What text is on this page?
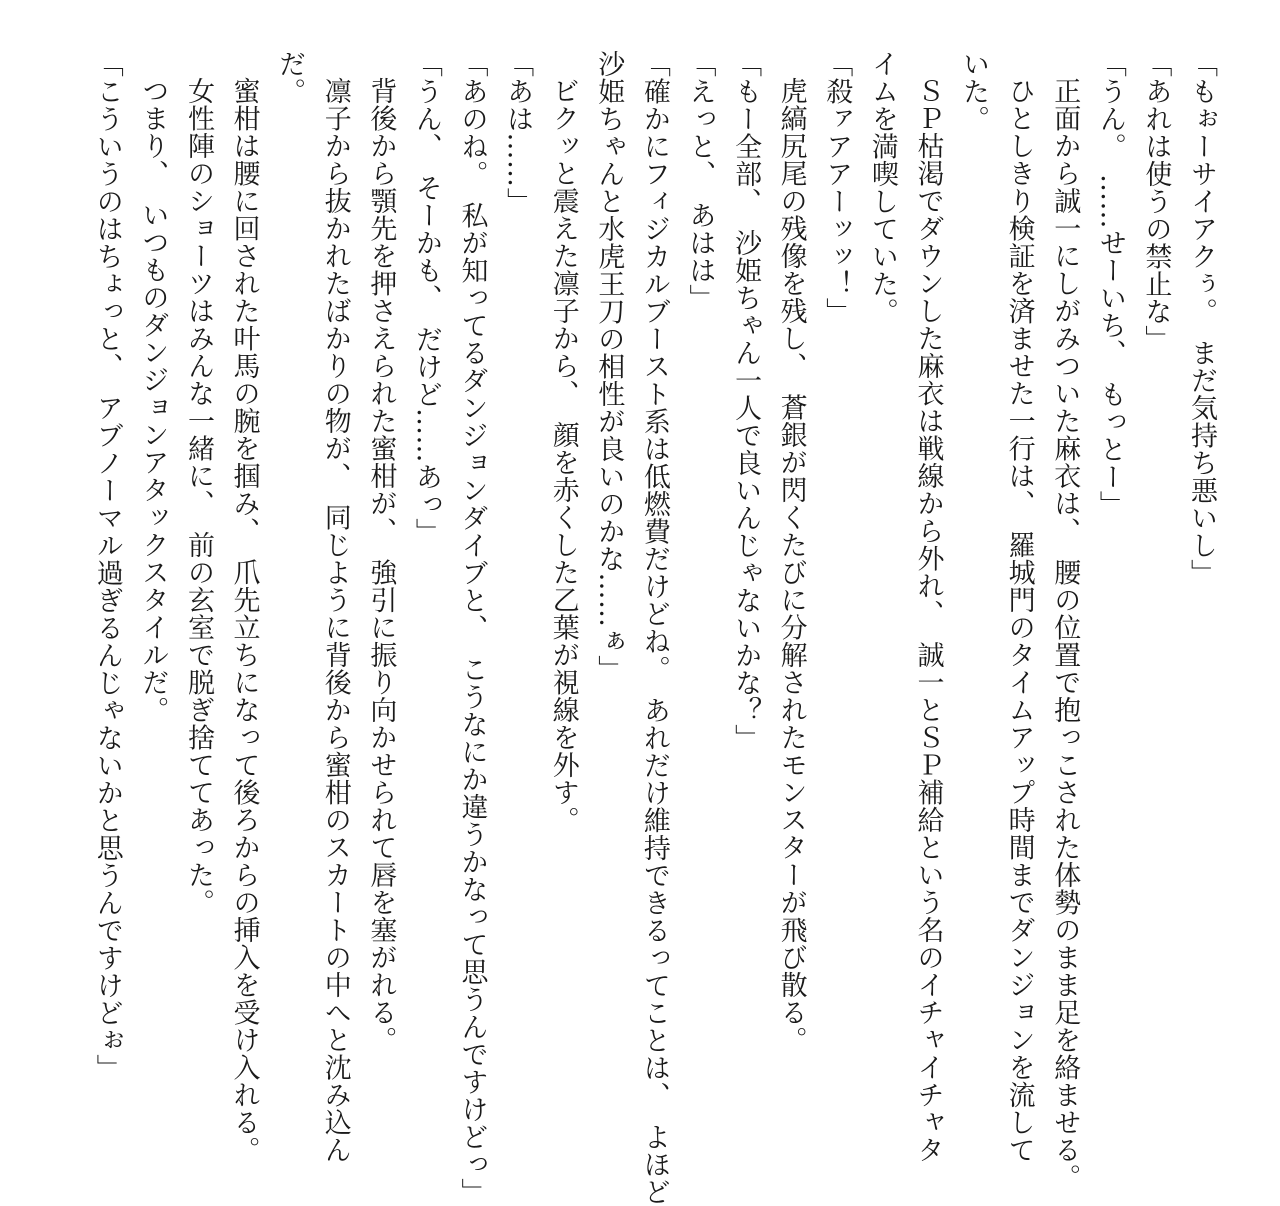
「もぉーサイアクぅ。　まだ気持ち悪いし」

「あれは使うの禁止な」

「うん。　……せーいち、　もっとー」

正面から誠一にしがみついた麻衣は、　腰の位置で抱っこされた体勢のまま足を絡ませる。

ひとしきり検証を済ませた一行は、　羅城門のタイムアップ時間までダンジョンを流して

いた。

ＳＰ枯渇でダウンした麻衣は戦線から外れ、　誠一とＳＰ補給という名のイチャイチャタ

イムを満喫していた。

「殺ァアアーッッ！」

虎縞尻尾の残像を残し、　蒼銀が閃くたびに分解されたモンスターが飛び散る。

「もー全部、　沙姫ちゃん一人で良いんじゃないかな？」

「えっと、　あはは」

「確かにフィジカルブースト系は低燃費だけどね。　あれだけ維持できるってことは、　よほど

沙姫ちゃんと水虎王刀の相性が良いのかな……ぁ」

ビクッと震えた凛子から、　顔を赤くした乙葉が視線を外す。

「あは……」

「あのね。　私が知ってるダンジョンダイブと、　こうなにか違うかなって思うんですけどっ」

「うん、　そーかも、　だけど……あっ」

背後から顎先を押さえられた蜜柑が、　強引に振り向かせられて唇を塞がれる。

凛子から抜かれたばかりの物が、　同じように背後から蜜柑のスカートの中へと沈み込ん

だ。

蜜柑は腰に回された叶馬の腕を掴み、　爪先立ちになって後ろからの挿入を受け入れる。

女性陣のショーツはみんな一緒に、　前の玄室で脱ぎ捨ててあった。

つまり、　いつものダンジョンアタックスタイルだ。

「こういうのはちょっと、　アブノーマル過ぎるんじゃないかと思うんですけどぉ」
